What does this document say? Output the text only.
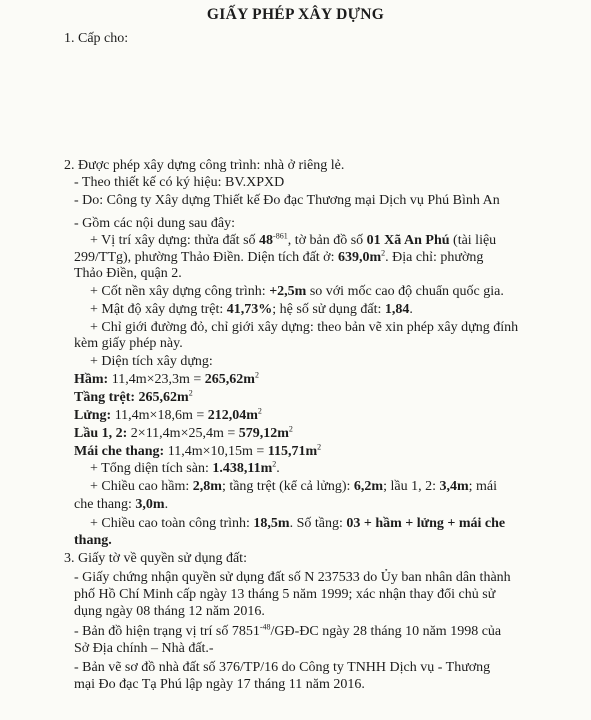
GIẤY PHÉP XÂY DỰNG
1. Cấp cho:
2. Được phép xây dựng công trình: nhà ở riêng lẻ.
- Theo thiết kế có ký hiệu: BV.XPXD
- Do: Công ty Xây dựng Thiết kế Đo đạc Thương mại Dịch vụ Phú Bình An
- Gồm các nội dung sau đây:
+ Vị trí xây dựng: thửa đất số $48^{-861}$, tờ bản đồ số 01 Xã An Phú (tài liệu
299/TTg), phường Thảo Điền. Diện tích đất ở: $639,0m^2$. Địa chỉ: phường
Thảo Điền, quận 2.
+ Cốt nền xây dựng công trình: +2,5m so với mốc cao độ chuẩn quốc gia.
+ Mật độ xây dựng trệt: 41,73%; hệ số sử dụng đất: 1,84.
+ Chỉ giới đường đỏ, chỉ giới xây dựng: theo bản vẽ xin phép xây dựng đính
kèm giấy phép này.
+ Diện tích xây dựng:
Hầm: $11,4m\times 23,3m = 265,62m^2$
Tầng trệt: $265,62m^2$
Lửng: $11,4m\times 18,6m = 212,04m^2$
Lầu 1, 2: $2\times 11,4m\times 25,4m = 579,12m^2$
Mái che thang: $11,4m\times 10,15m = 115,71m^2$
+ Tổng diện tích sàn: $1.438,11m^2$.
+ Chiều cao hầm: 2,8m; tầng trệt (kể cả lửng): 6,2m; lầu 1, 2: 3,4m; mái
che thang: 3,0m.
+ Chiều cao toàn công trình: 18,5m. Số tầng: 03 + hầm + lửng + mái che
thang.
3. Giấy tờ về quyền sử dụng đất:
- Giấy chứng nhận quyền sử dụng đất số N 237533 do Ủy ban nhân dân thành
phố Hồ Chí Minh cấp ngày 13 tháng 5 năm 1999; xác nhận thay đổi chủ sử
dụng ngày 08 tháng 12 năm 2016.
- Bản đồ hiện trạng vị trí số $7851^{-48}/GĐ-ĐC$ ngày 28 tháng 10 năm 1998 của
Sở Địa chính – Nhà đất.-
- Bản vẽ sơ đồ nhà đất số 376/TP/16 do Công ty TNHH Dịch vụ - Thương
mại Đo đạc Tạ Phú lập ngày 17 tháng 11 năm 2016.
